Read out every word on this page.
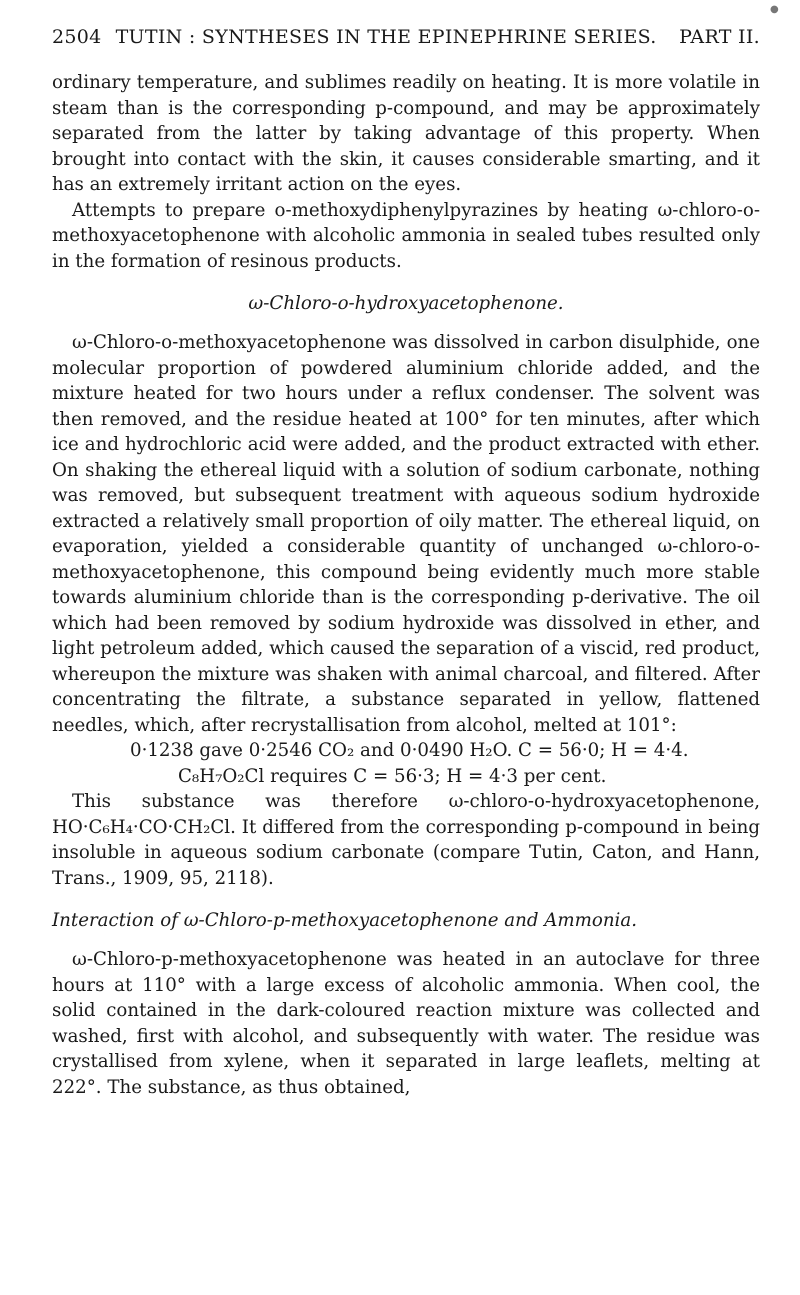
●
2504 TUTIN : SYNTHESES IN THE EPINEPHRINE SERIES.	PART II.

ordinary temperature, and sublimes readily on heating. It is more volatile in steam than is the corresponding p-compound, and may be approximately separated from the latter by taking advantage of this property. When brought into contact with the skin, it causes considerable smarting, and it has an extremely irritant action on the eyes.

Attempts to prepare o-methoxydiphenylpyrazines by heating ω-chloro-o-methoxyacetophenone with alcoholic ammonia in sealed tubes resulted only in the formation of resinous products.

ω-Chloro-o-hydroxyacetophenone.

ω-Chloro-o-methoxyacetophenone was dissolved in carbon disulphide, one molecular proportion of powdered aluminium chloride added, and the mixture heated for two hours under a reflux condenser. The solvent was then removed, and the residue heated at 100° for ten minutes, after which ice and hydrochloric acid were added, and the product extracted with ether. On shaking the ethereal liquid with a solution of sodium carbonate, nothing was removed, but subsequent treatment with aqueous sodium hydroxide extracted a relatively small proportion of oily matter. The ethereal liquid, on evaporation, yielded a considerable quantity of unchanged ω-chloro-o-methoxyacetophenone, this compound being evidently much more stable towards aluminium chloride than is the corresponding p-derivative. The oil which had been removed by sodium hydroxide was dissolved in ether, and light petroleum added, which caused the separation of a viscid, red product, whereupon the mixture was shaken with animal charcoal, and filtered. After concentrating the filtrate, a substance separated in yellow, flattened needles, which, after recrystallisation from alcohol, melted at 101°:

0·1238 gave 0·2546 CO₂ and 0·0490 H₂O. C = 56·0; H = 4·4.
C₈H₇O₂Cl requires C = 56·3; H = 4·3 per cent.

This substance was therefore ω-chloro-o-hydroxyacetophenone, HO·C₆H₄·CO·CH₂Cl. It differed from the corresponding p-compound in being insoluble in aqueous sodium carbonate (compare Tutin, Caton, and Hann, Trans., 1909, 95, 2118).

Interaction of ω-Chloro-p-methoxyacetophenone and Ammonia.

ω-Chloro-p-methoxyacetophenone was heated in an autoclave for three hours at 110° with a large excess of alcoholic ammonia. When cool, the solid contained in the dark-coloured reaction mixture was collected and washed, first with alcohol, and subsequently with water. The residue was crystallised from xylene, when it separated in large leaflets, melting at 222°. The substance, as thus obtained,
